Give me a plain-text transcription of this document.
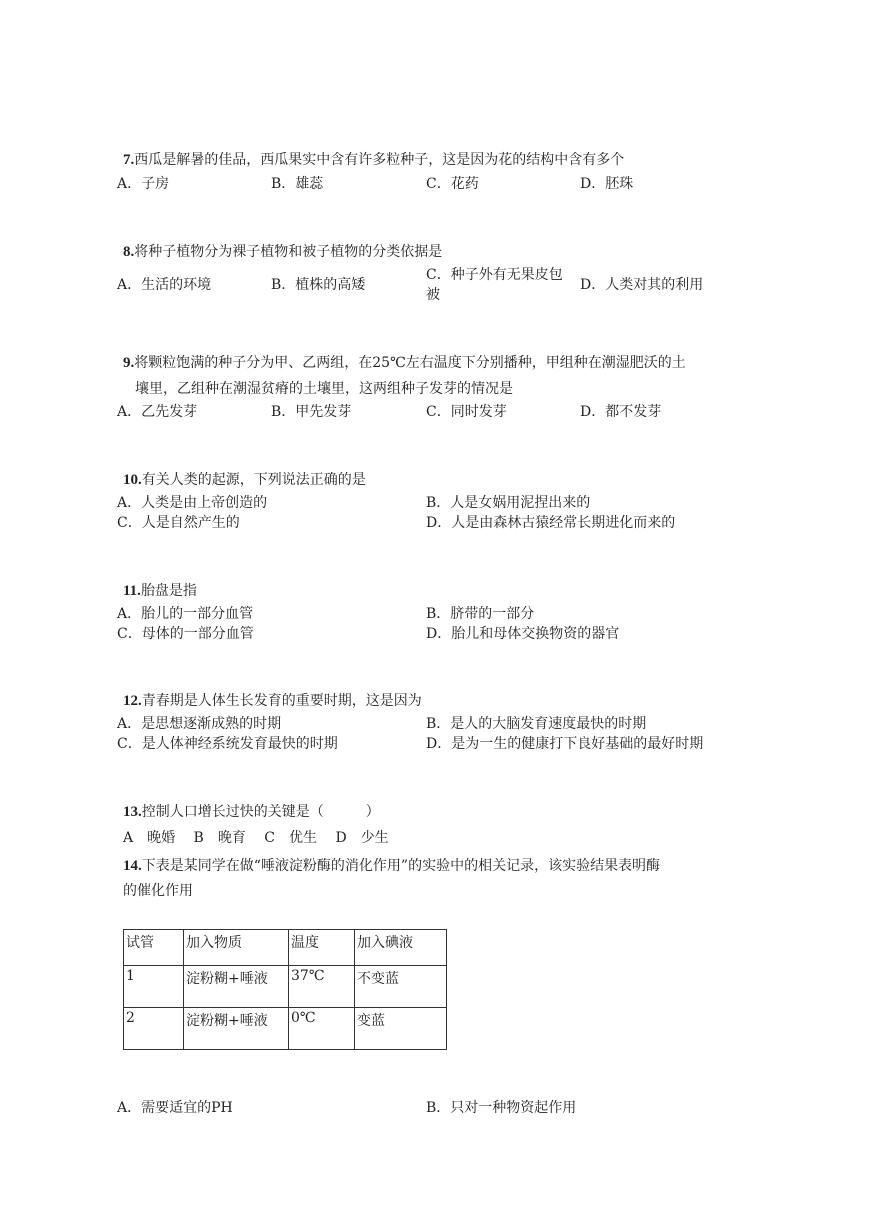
7.西瓜是解暑的佳品，西瓜果实中含有许多粒种子，这是因为花的结构中含有多个
A．子房	B．雄蕊	C．花药	D．胚珠
8.将种子植物分为裸子植物和被子植物的分类依据是
A．生活的环境	B．植株的高矮
C．种子外有无果皮包被
D．人类对其的利用
9.将颗粒饱满的种子分为甲、乙两组，在25℃左右温度下分别播种，甲组种在潮湿肥沃的土
壤里，乙组种在潮湿贫瘠的土壤里，这两组种子发芽的情况是
A．乙先发芽	B．甲先发芽	C．同时发芽	D．都不发芽
10.有关人类的起源，下列说法正确的是
A．人类是由上帝创造的	B．人是女娲用泥捏出来的
C．人是自然产生的	D．人是由森林古猿经常长期进化而来的
11.胎盘是指
A．胎儿的一部分血管	B．脐带的一部分
C．母体的一部分血管	D．胎儿和母体交换物资的器官
12.青春期是人体生长发育的重要时期，这是因为
A．是思想逐渐成熟的时期	B．是人的大脑发育速度最快的时期
C．是人体神经系统发育最快的时期	D．是为一生的健康打下良好基础的最好时期
13.控制人口增长过快的关键是（　　　）
A　晚婚　 B　晚育　 C　优生　 D　少生
14.下表是某同学在做“唾液淀粉酶的消化作用”的实验中的相关记录，该实验结果表明酶
的催化作用
试管	加入物质	温度	加入碘液
1	淀粉糊+唾液	37℃	不变蓝
2	淀粉糊+唾液	0℃	变蓝
A．需要适宜的PH	B．只对一种物资起作用
